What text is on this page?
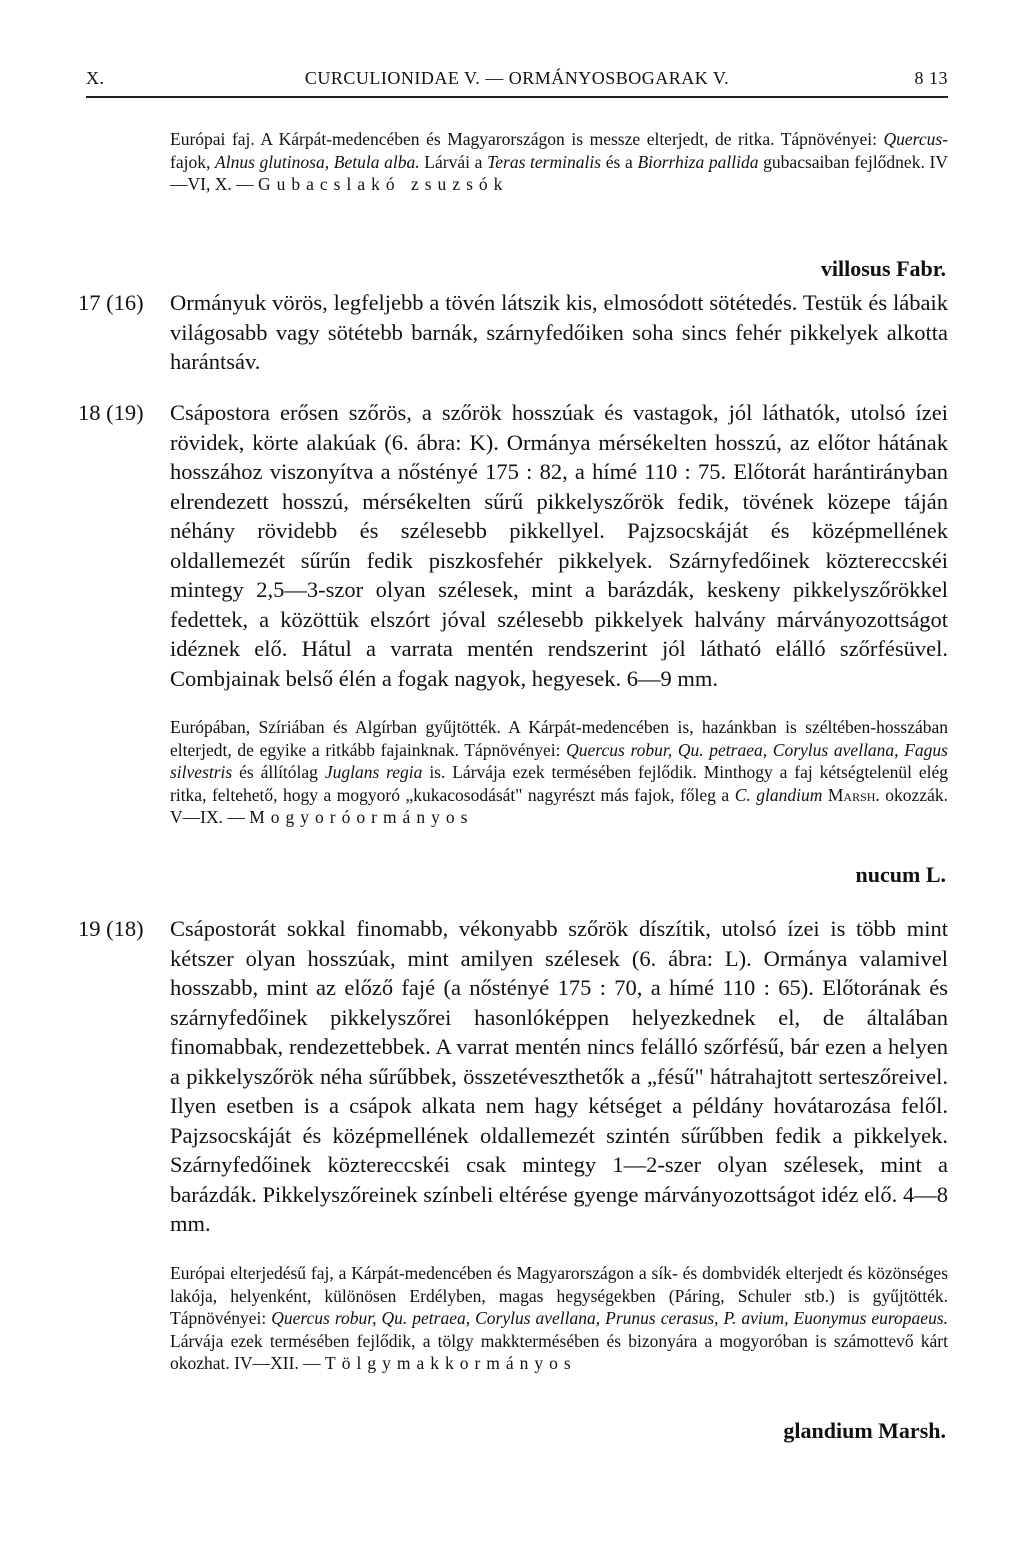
X.	CURCULIONIDAE V. — ORMÁNYOSBOGARAK V.	8 13
Európai faj. A Kárpát-medencében és Magyarországon is messze elterjedt, de ritka. Tápnövényei: Quercus-fajok, Alnus glutinosa, Betula alba. Lárvái a Teras terminalis és a Biorrhiza pallida gubacsaiban fejlődnek. IV—VI, X. — Gubacslakó zsuzsók
villosus Fabr.
17 (16) Ormányuk vörös, legfeljebb a tövén látszik kis, elmosódott sötétedés. Testük és lábaik világosabb vagy sötétebb barnák, szárnyfedőiken soha sincs fehér pikkelyek alkotta harántsáv.
18 (19) Csápostora erősen szőrös, a szőrök hosszúak és vastagok, jól láthatók, utolsó ízei rövidek, körte alakúak (6. ábra: K). Ormánya mérsékelten hosszú, az előtor hátának hosszához viszonyítva a nőstényé 175 : 82, a hímé 110 : 75. Előtorát harántirányban elrendezett hosszú, mérsékelten sűrű pikkelyszőrök fedik, tövének közepe táján néhány rövidebb és szélesebb pikkellyel. Pajzsocskáját és középmellének oldallemezét sűrűn fedik piszkosfehér pikkelyek. Szárnyfedőinek köztereccskéi mintegy 2,5—3-szor olyan szélesek, mint a barázdák, keskeny pikkelyszőrökkel fedettek, a közöttük elszórt jóval szélesebb pikkelyek halvány márványozottságot idéznek elő. Hátul a varrata mentén rendszerint jól látható elálló szőrfésüvel. Combjainak belső élén a fogak nagyok, hegyesek. 6—9 mm.
Európában, Szíriában és Algírban gyűjtötték. A Kárpát-medencében is, hazánkban is széltében-hosszában elterjedt, de egyike a ritkább fajainknak. Tápnövényei: Quercus robur, Qu. petraea, Corylus avellana, Fagus silvestris és állítólag Juglans regia is. Lárvája ezek termésében fejlődik. Minthogy a faj kétségtelenül elég ritka, feltehető, hogy a mogyoró „kukacosodását" nagyrészt más fajok, főleg a C. glandium Marsh. okozzák. V—IX. — Mogyoróormányos
nucum L.
19 (18) Csápostorát sokkal finomabb, vékonyabb szőrök díszítik, utolsó ízei is több mint kétszer olyan hosszúak, mint amilyen szélesek (6. ábra: L). Ormánya valamivel hosszabb, mint az előző fajé (a nőstényé 175 : 70, a hímé 110 : 65). Előtorának és szárnyfedőinek pikkelyszőrei hasonlóképpen helyezkednek el, de általában finomabbak, rendezettebbek. A varrat mentén nincs felálló szőrfésű, bár ezen a helyen a pikkelyszőrök néha sűrűbbek, összetéveszthetők a „fésű" hátrahajtott serteszőreivel. Ilyen esetben is a csápok alkata nem hagy kétséget a példány hovátarozása felől. Pajzsocskáját és középmellének oldallemezét szintén sűrűbben fedik a pikkelyek. Szárnyfedőinek köztereccskéi csak mintegy 1—2-szer olyan szélesek, mint a barázdák. Pikkelyszőreinek színbeli eltérése gyenge márványozottságot idéz elő. 4—8 mm.
Európai elterjedésű faj, a Kárpát-medencében és Magyarországon a sík- és dombvidék elterjedt és közönséges lakója, helyenként, különösen Erdélyben, magas hegységekben (Páring, Schuler stb.) is gyűjtötték. Tápnövényei: Quercus robur, Qu. petraea, Corylus avellana, Prunus cerasus, P. avium, Euonymus europaeus. Lárvája ezek termésében fejlődik, a tölgy makktermésében és bizonyára a mogyoróban is számottevő kárt okozhat. IV—XII. — Tölgymakkormányos
glandium Marsh.
